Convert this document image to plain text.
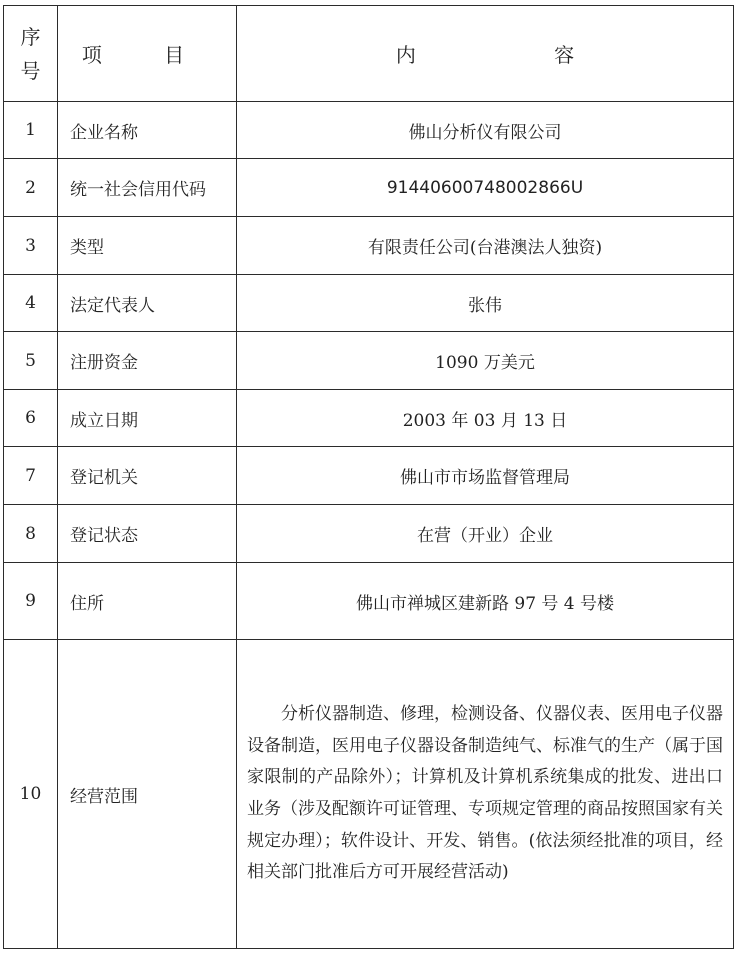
序号	项 目	内 容
1	企业名称	佛山分析仪有限公司
2	统一社会信用代码	91440600748002866U
3	类型	有限责任公司(台港澳法人独资)
4	法定代表人	张伟
5	注册资金	1090 万美元
6	成立日期	2003 年 03 月 13 日
7	登记机关	佛山市市场监督管理局
8	登记状态	在营（开业）企业
9	住所	佛山市禅城区建新路 97 号 4 号楼
10	经营范围	分析仪器制造、修理，检测设备、仪器仪表、医用电子仪器设备制造，医用电子仪器设备制造纯气、标准气的生产（属于国家限制的产品除外）；计算机及计算机系统集成的批发、进出口业务（涉及配额许可证管理、专项规定管理的商品按照国家有关规定办理）；软件设计、开发、销售。(依法须经批准的项目，经相关部门批准后方可开展经营活动)
